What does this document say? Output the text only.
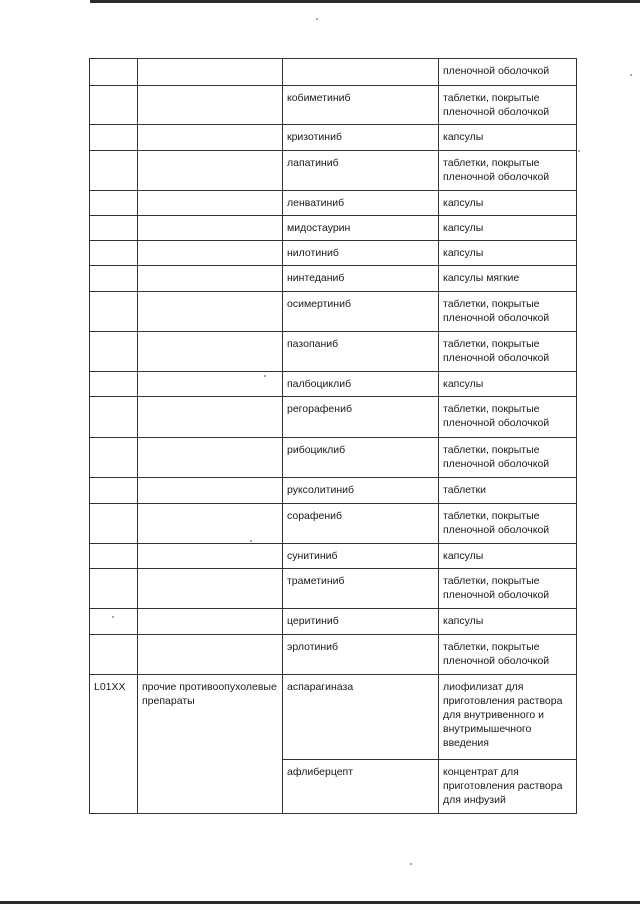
			пленочной оболочкой
		кобиметиниб	таблетки, покрытые пленочной оболочкой
		кризотиниб	капсулы
		лапатиниб	таблетки, покрытые пленочной оболочкой
		ленватиниб	капсулы
		мидостаурин	капсулы
		нилотиниб	капсулы
		нинтеданиб	капсулы мягкие
		осимертиниб	таблетки, покрытые пленочной оболочкой
		пазопаниб	таблетки, покрытые пленочной оболочкой
		палбоциклиб	капсулы
		регорафениб	таблетки, покрытые пленочной оболочкой
		рибоциклиб	таблетки, покрытые пленочной оболочкой
		руксолитиниб	таблетки
		сорафениб	таблетки, покрытые пленочной оболочкой
		сунитиниб	капсулы
		траметиниб	таблетки, покрытые пленочной оболочкой
		церитиниб	капсулы
		эрлотиниб	таблетки, покрытые пленочной оболочкой
L01XX	прочие противоопухолевые препараты	аспарагиназа	лиофилизат для приготовления раствора для внутривенного и внутримышечного введения
		афлиберцепт	концентрат для приготовления раствора для инфузий
